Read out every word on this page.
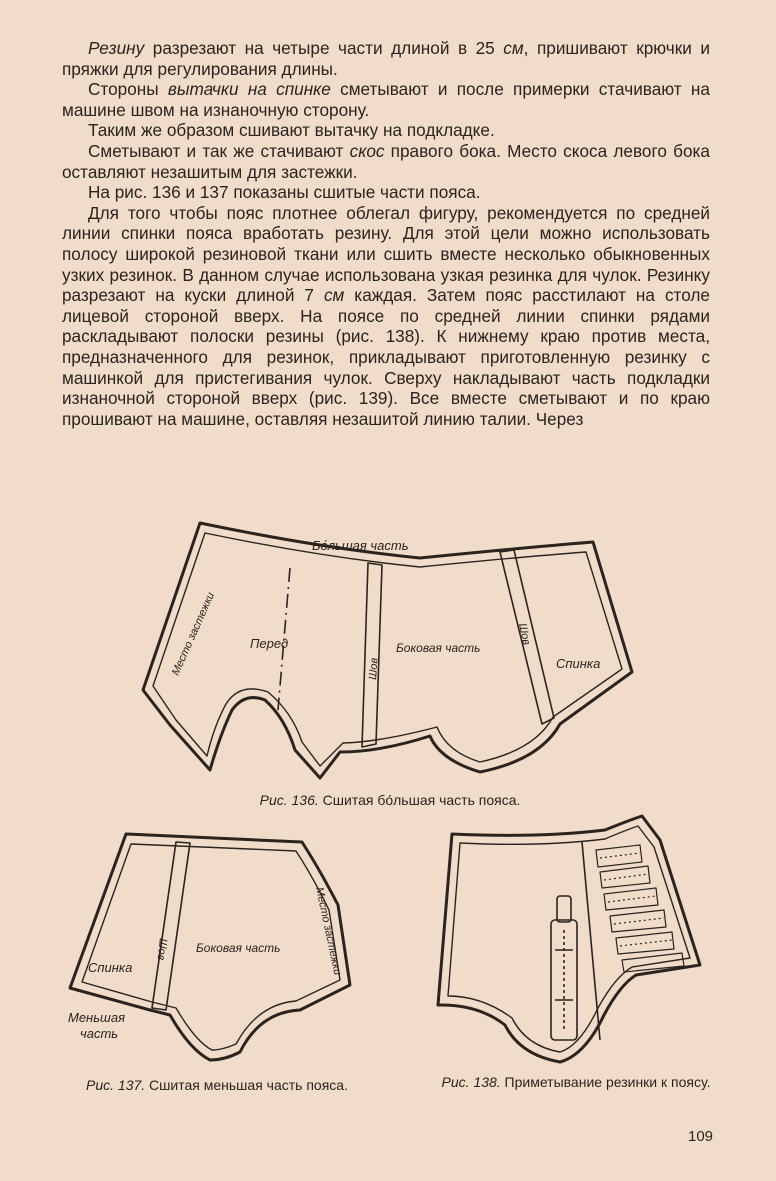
Резину разрезают на четыре части длиной в 25 см, пришивают крючки и пряжки для регулирования длины.

Стороны вытачки на спинке сметывают и после примерки стачивают на машине швом на изнаночную сторону.

Таким же образом сшивают вытачку на подкладке.

Сметывают и так же стачивают скос правого бока. Место скоса левого бока оставляют незашитым для застежки.

На рис. 136 и 137 показаны сшитые части пояса.

Для того чтобы пояс плотнее облегал фигуру, рекомендуется по средней линии спинки пояса вработать резину. Для этой цели можно использовать полосу широкой резиновой ткани или сшить вместе несколько обыкновенных узких резинок. В данном случае использована узкая резинка для чулок. Резинку разрезают на куски длиной 7 см каждая. Затем пояс расстилают на столе лицевой стороной вверх. На поясе по средней линии спинки рядами раскладывают полоски резины (рис. 138). К нижнему краю против места, предназначенного для резинок, прикладывают приготовленную резинку с машинкой для пристегивания чулок. Сверху накладывают часть подкладки изнаночной стороной вверх (рис. 139). Все вместе сметывают и по краю прошивают на машине, оставляя незашитой линию талии. Через

Бо́льшая часть
Перед	Боковая часть
Спинка
Место застежки	Шов
Шов
Спинка
Боковая часть
Шов	Место застежки
Меньшая
часть
Рис. 136. Сшитая бо́льшая часть пояса.
Рис. 137. Сшитая меньшая часть пояса.	Рис. 138. Приметывание резинки к поясу.
109
